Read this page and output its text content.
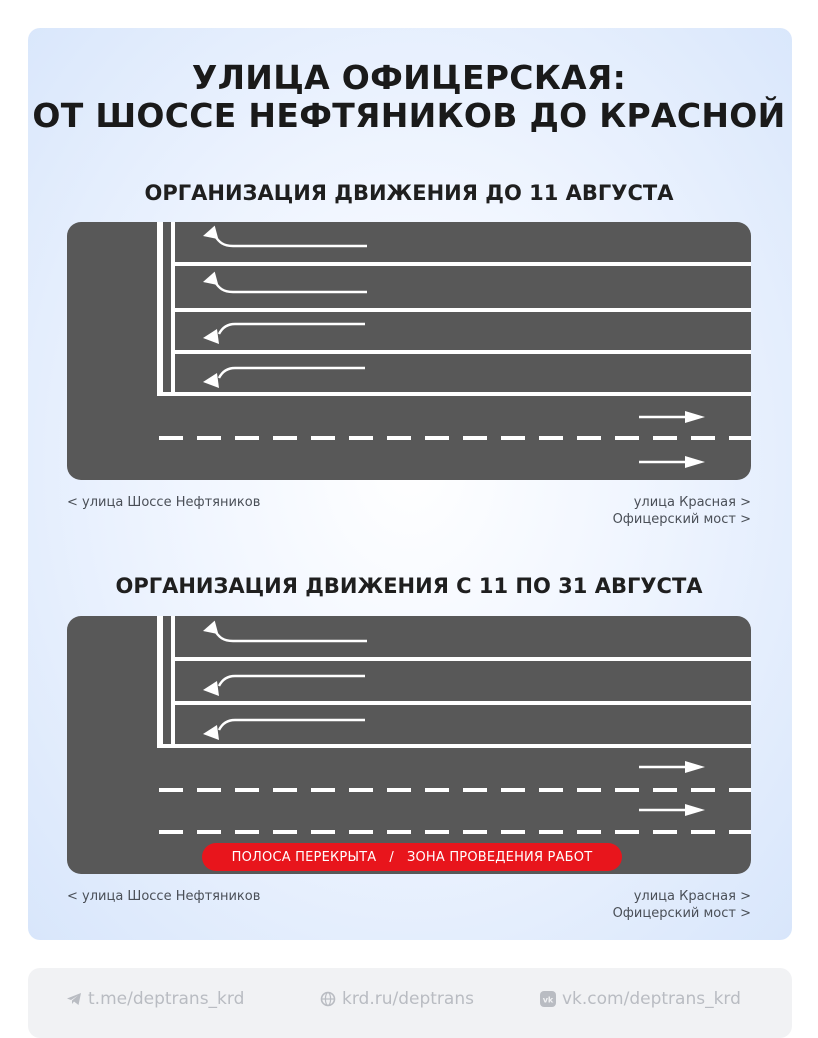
УЛИЦА ОФИЦЕРСКАЯ:
ОТ ШОССЕ НЕФТЯНИКОВ ДО КРАСНОЙ
ОРГАНИЗАЦИЯ ДВИЖЕНИЯ ДО 11 АВГУСТА
< улица Шоссе Нефтяников	улица Красная >
Офицерский мост >
ОРГАНИЗАЦИЯ ДВИЖЕНИЯ С 11 ПО 31 АВГУСТА
ПОЛОСА ПЕРЕКРЫТА   /   ЗОНА ПРОВЕДЕНИЯ РАБОТ
< улица Шоссе Нефтяников	улица Красная >
Офицерский мост >
t.me/deptrans_krd	krd.ru/deptrans	vk vk.com/deptrans_krd
